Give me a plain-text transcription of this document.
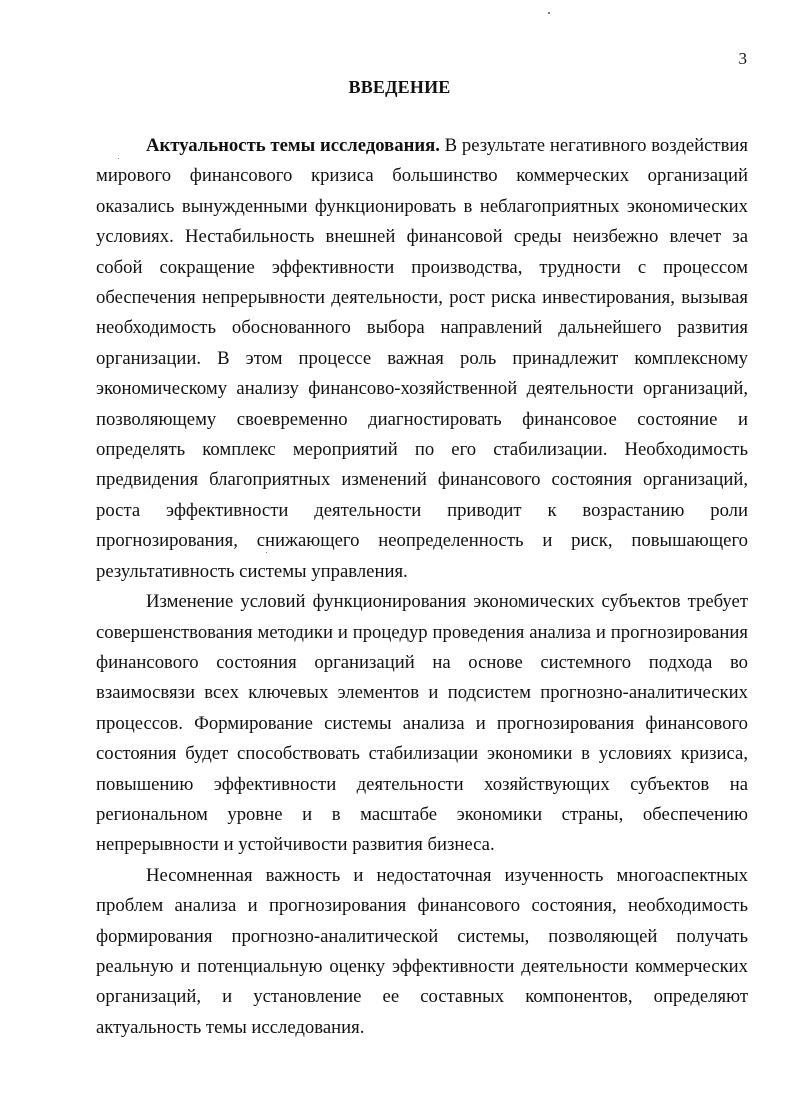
3
ВВЕДЕНИЕ

Актуальность темы исследования. В результате негативного воздействия мирового финансового кризиса большинство коммерческих организаций оказались вынужденными функционировать в неблагоприятных экономических условиях. Нестабильность внешней финансовой среды неизбежно влечет за собой сокращение эффективности производства, трудности с процессом обеспечения непрерывности деятельности, рост риска инвестирования, вызывая необходимость обоснованного выбора направлений дальнейшего развития организации. В этом процессе важная роль принадлежит комплексному экономическому анализу финансово-хозяйственной деятельности организаций, позволяющему своевременно диагностировать финансовое состояние и определять комплекс мероприятий по его стабилизации. Необходимость предвидения благоприятных изменений финансового состояния организаций, роста эффективности деятельности приводит к возрастанию роли прогнозирования, снижающего неопределенность и риск, повышающего результативность системы управления.

Изменение условий функционирования экономических субъектов требует совершенствования методики и процедур проведения анализа и прогнозирования финансового состояния организаций на основе системного подхода во взаимосвязи всех ключевых элементов и подсистем прогнозно-аналитических процессов. Формирование системы анализа и прогнозирования финансового состояния будет способствовать стабилизации экономики в условиях кризиса, повышению эффективности деятельности хозяйствующих субъектов на региональном уровне и в масштабе экономики страны, обеспечению непрерывности и устойчивости развития бизнеса.

Несомненная важность и недостаточная изученность многоаспектных проблем анализа и прогнозирования финансового состояния, необходимость формирования прогнозно-аналитической системы, позволяющей получать реальную и потенциальную оценку эффективности деятельности коммерческих организаций, и установление ее составных компонентов, определяют актуальность темы исследования.
